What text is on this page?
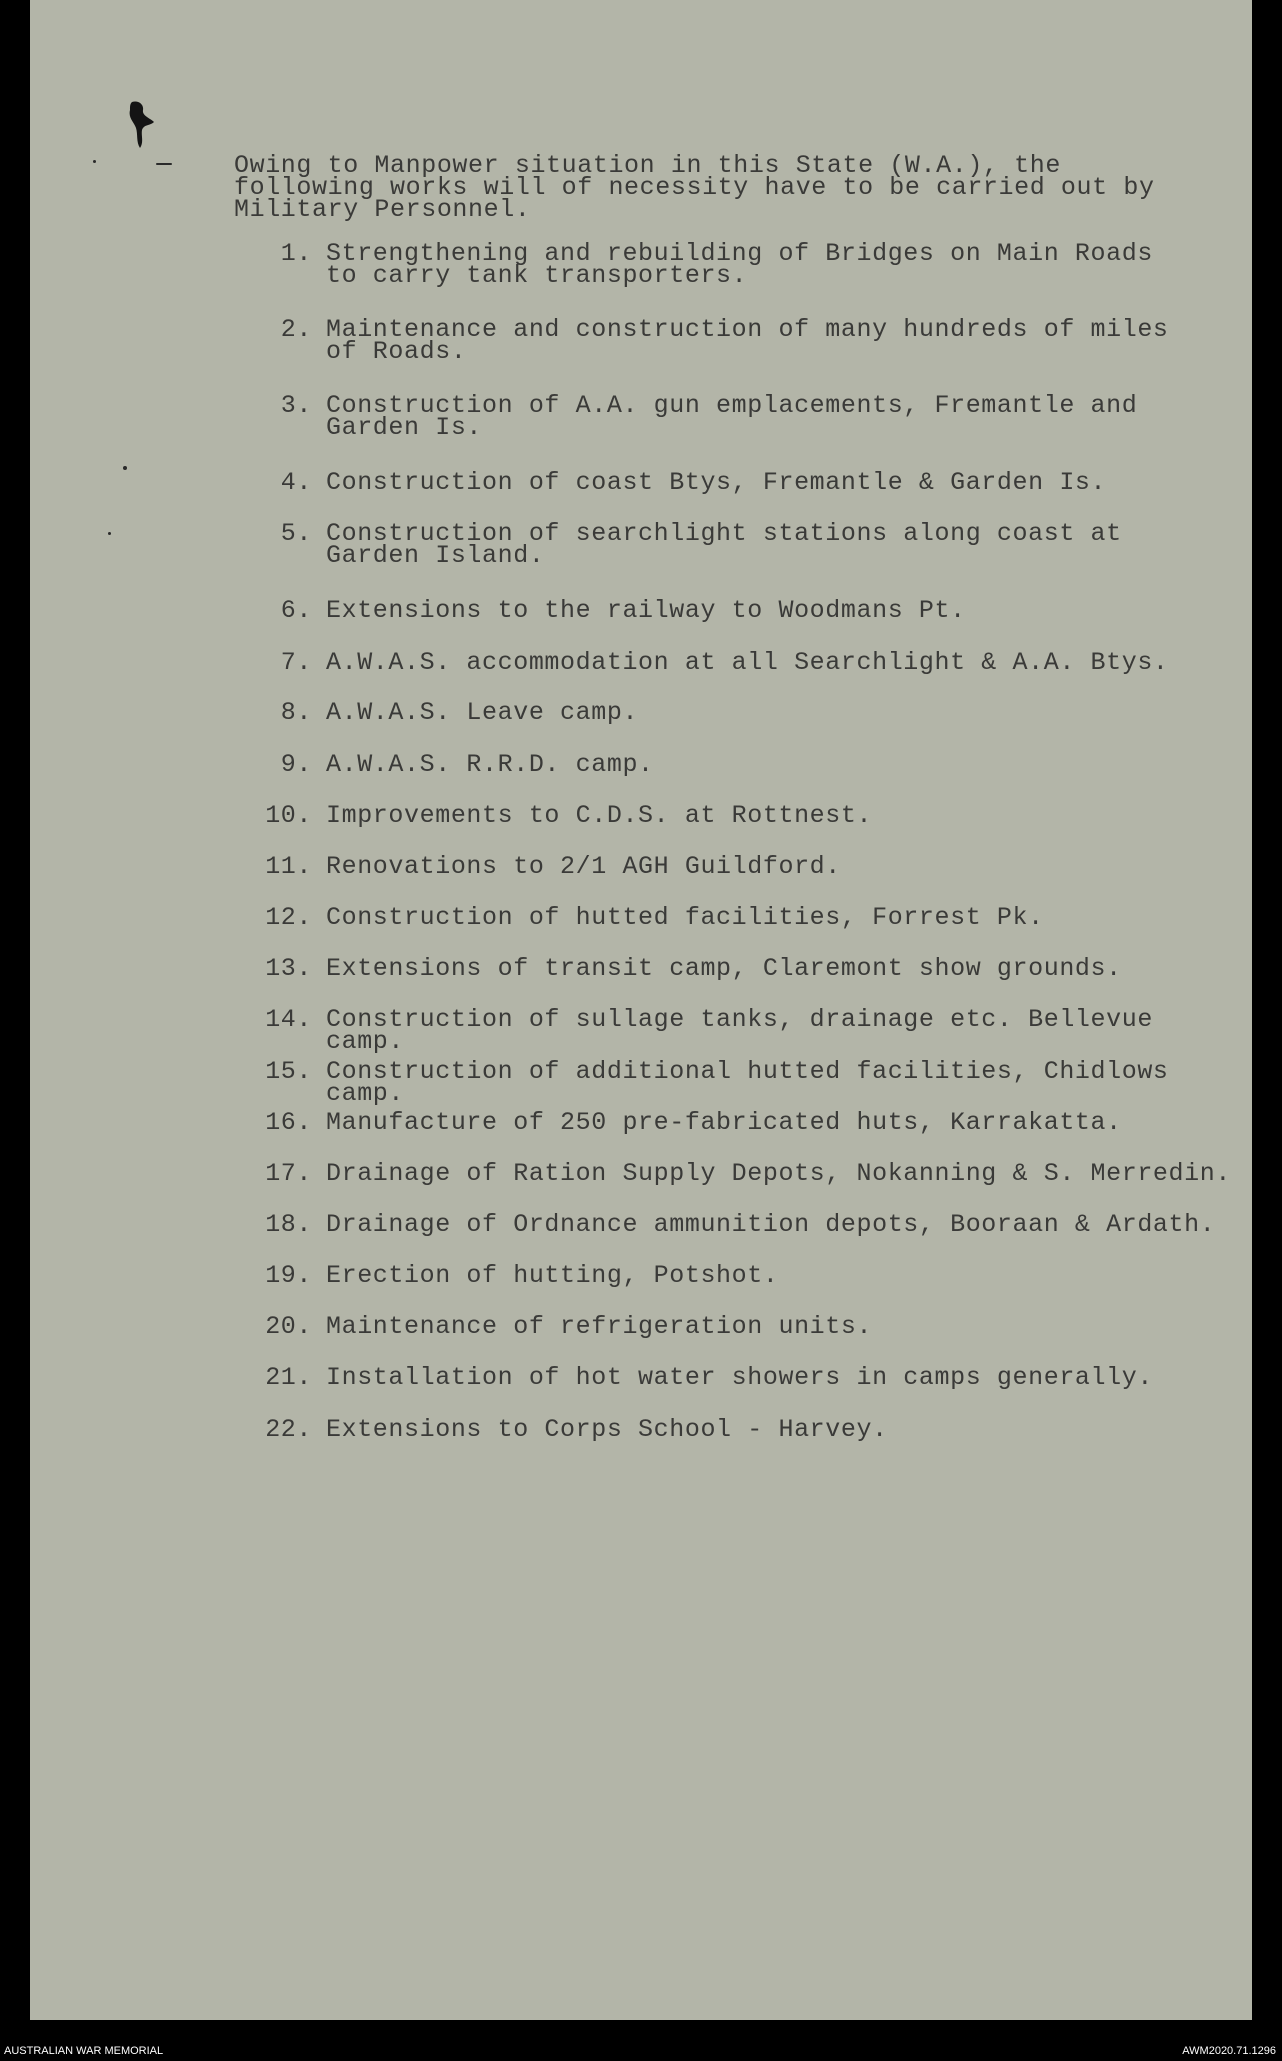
Owing to Manpower situation in this State (W.A.), the
following works will of necessity have to be carried out by
Military Personnel.
1. Strengthening and rebuilding of Bridges on Main Roads
to carry tank transporters.
2. Maintenance and construction of many hundreds of miles
of Roads.
3. Construction of A.A. gun emplacements, Fremantle and
Garden Is.
4. Construction of coast Btys, Fremantle & Garden Is.
5. Construction of searchlight stations along coast at
Garden Island.
6. Extensions to the railway to Woodmans Pt.
7. A.W.A.S. accommodation at all Searchlight & A.A. Btys.
8. A.W.A.S. Leave camp.
9. A.W.A.S. R.R.D. camp.
10. Improvements to C.D.S. at Rottnest.
11. Renovations to 2/1 AGH Guildford.
12. Construction of hutted facilities, Forrest Pk.
13. Extensions of transit camp, Claremont show grounds.
14. Construction of sullage tanks, drainage etc. Bellevue camp.
15. Construction of additional hutted facilities, Chidlows camp.
16. Manufacture of 250 pre-fabricated huts, Karrakatta.
17. Drainage of Ration Supply Depots, Nokanning & S. Merredin.
18. Drainage of Ordnance ammunition depots, Booraan & Ardath.
19. Erection of hutting, Potshot.
20. Maintenance of refrigeration units.
21. Installation of hot water showers in camps generally.
22. Extensions to Corps School - Harvey.
AUSTRALIAN WAR MEMORIAL	AWM2020.71.1296
